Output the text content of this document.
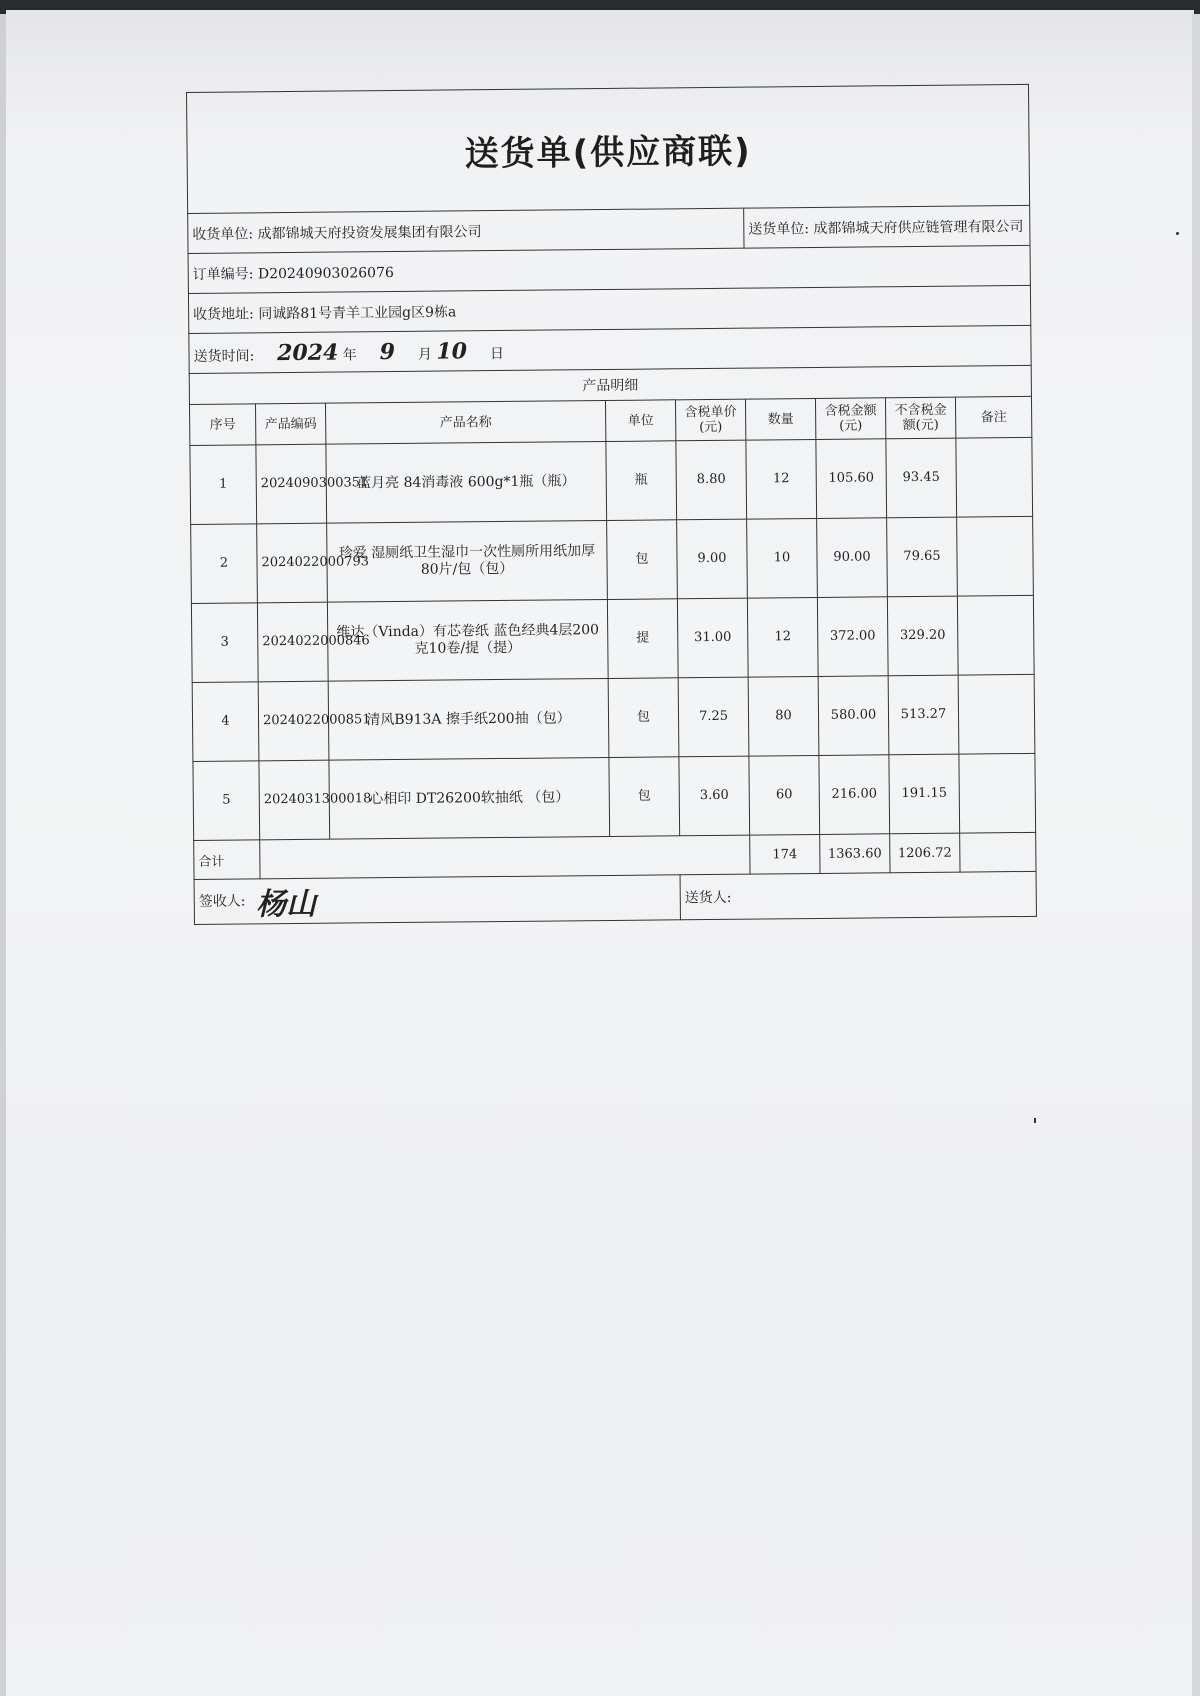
送货单(供应商联)								
收货单位: 成都锦城天府投资发展集团有限公司					送货单位: 成都锦城天府供应链管理有限公司			
订单编号: D20240903026076								
收货地址: 同诚路81号青羊工业园g区9栋a								
送货时间: 2024 年 9 月 10 日								
产品明细								
序号	产品编码	产品名称	单位	含税单价(元)	数量	含税金额(元)	不含税金额(元)	备注
1	2024090300351	蓝月亮 84消毒液 600g*1瓶（瓶）	瓶	8.80	12	105.60	93.45	
2	2024022000793	珍爱 湿厕纸卫生湿巾一次性厕所用纸加厚80片/包（包）	包	9.00	10	90.00	79.65	
3	2024022000846	维达（Vinda）有芯卷纸 蓝色经典4层200克10卷/提（提）	提	31.00	12	372.00	329.20	
4	2024022000851	清风B913A 擦手纸200抽（包）	包	7.25	80	580.00	513.27	
5	2024031300018	心相印 DT26200软抽纸 （包）	包	3.60	60	216.00	191.15	
合计					174	1363.60	1206.72	
签收人: 杨山				送货人:				
